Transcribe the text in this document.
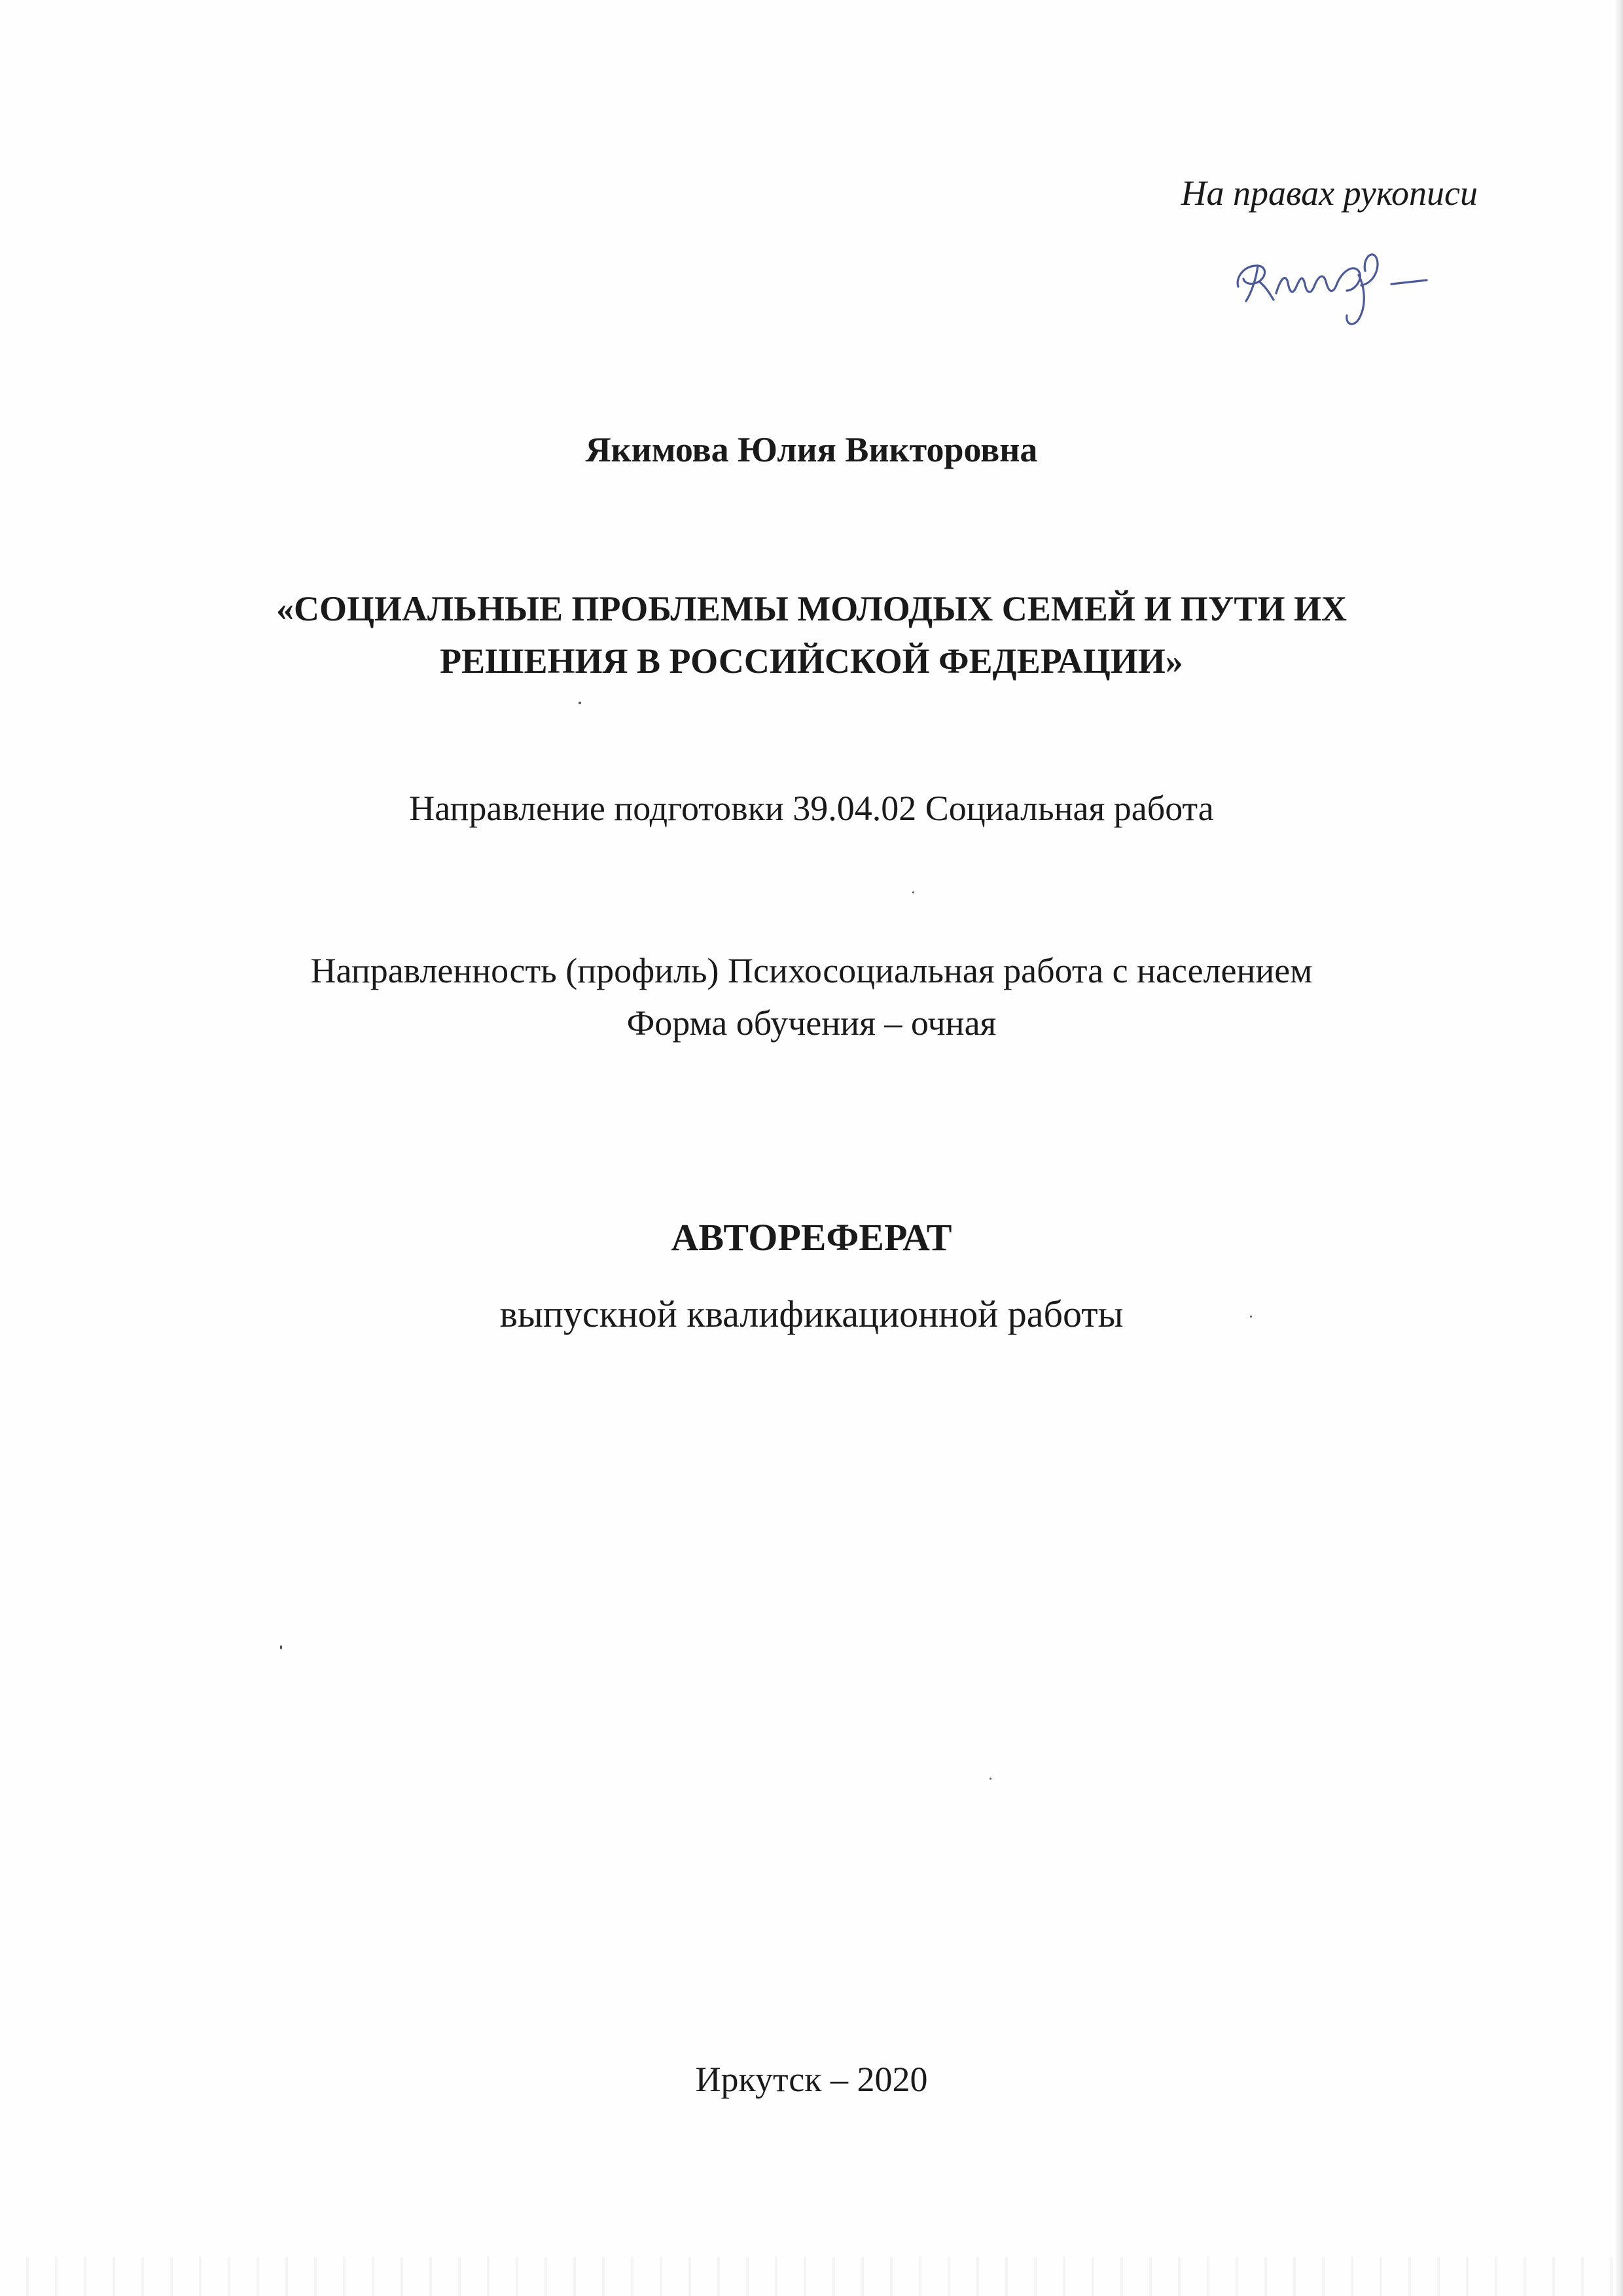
На правах рукописи
Якимова Юлия Викторовна
«СОЦИАЛЬНЫЕ ПРОБЛЕМЫ МОЛОДЫХ СЕМЕЙ И ПУТИ ИХ
РЕШЕНИЯ В РОССИЙСКОЙ ФЕДЕРАЦИИ»
Направление подготовки 39.04.02 Социальная работа
Направленность (профиль) Психосоциальная работа с населением
Форма обучения – очная
АВТОРЕФЕРАТ
выпускной квалификационной работы
Иркутск – 2020
